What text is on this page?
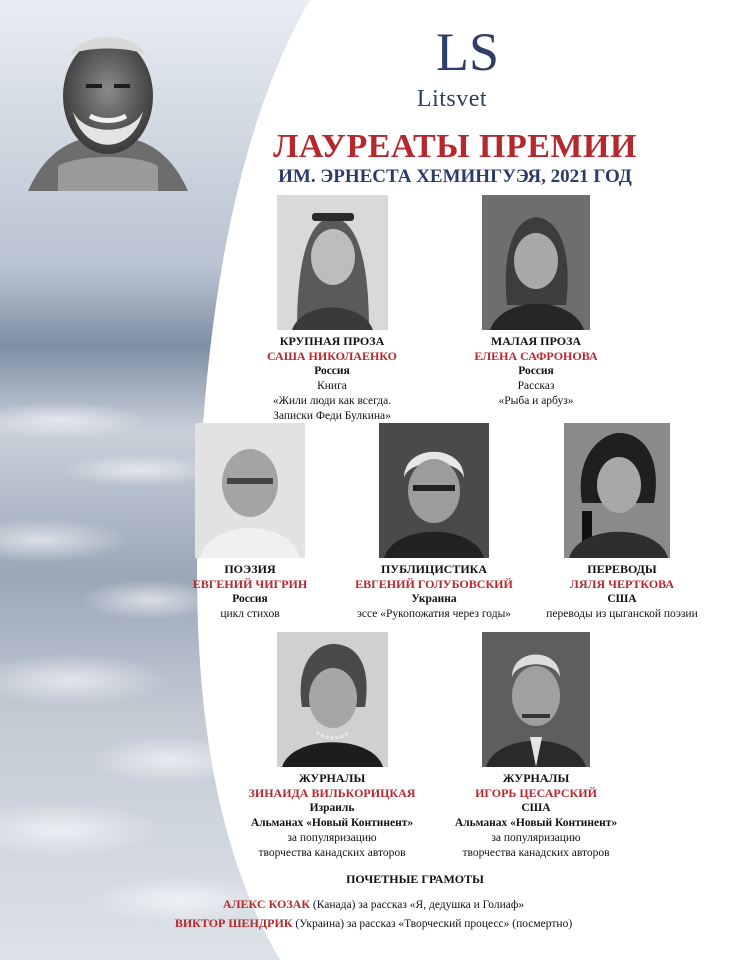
LS
Litsvet
ЛАУРЕАТЫ ПРЕМИИ
ИМ. ЭРНЕСТА ХЕМИНГУЭЯ, 2021 ГОД
КРУПНАЯ ПРОЗА
САША НИКОЛАЕНКО
Россия
Книга
«Жили люди как всегда.
Записки Феди Булкина»
МАЛАЯ ПРОЗА
ЕЛЕНА САФРОНОВА
Россия
Рассказ
«Рыба и арбуз»
ПОЭЗИЯ
ЕВГЕНИЙ ЧИГРИН
Россия
цикл стихов
ПУБЛИЦИСТИКА
ЕВГЕНИЙ ГОЛУБОВСКИЙ
Украина
эссе «Рукопожатия через годы»
ПЕРЕВОДЫ
ЛЯЛЯ ЧЕРТКОВА
США
переводы из цыганской поэзии
ЖУРНАЛЫ
ЗИНАИДА ВИЛЬКОРИЦКАЯ
Израиль
Альманах «Новый Континент»
за популяризацию
творчества канадских авторов
ЖУРНАЛЫ
ИГОРЬ ЦЕСАРСКИЙ
США
Альманах «Новый Континент»
за популяризацию
творчества канадских авторов
ПОЧЕТНЫЕ ГРАМОТЫ
АЛЕКС КОЗАК (Канада) за рассказ «Я, дедушка и Голиаф»
ВИКТОР ШЕНДРИК (Украина) за рассказ «Творческий процесс» (посмертно)
